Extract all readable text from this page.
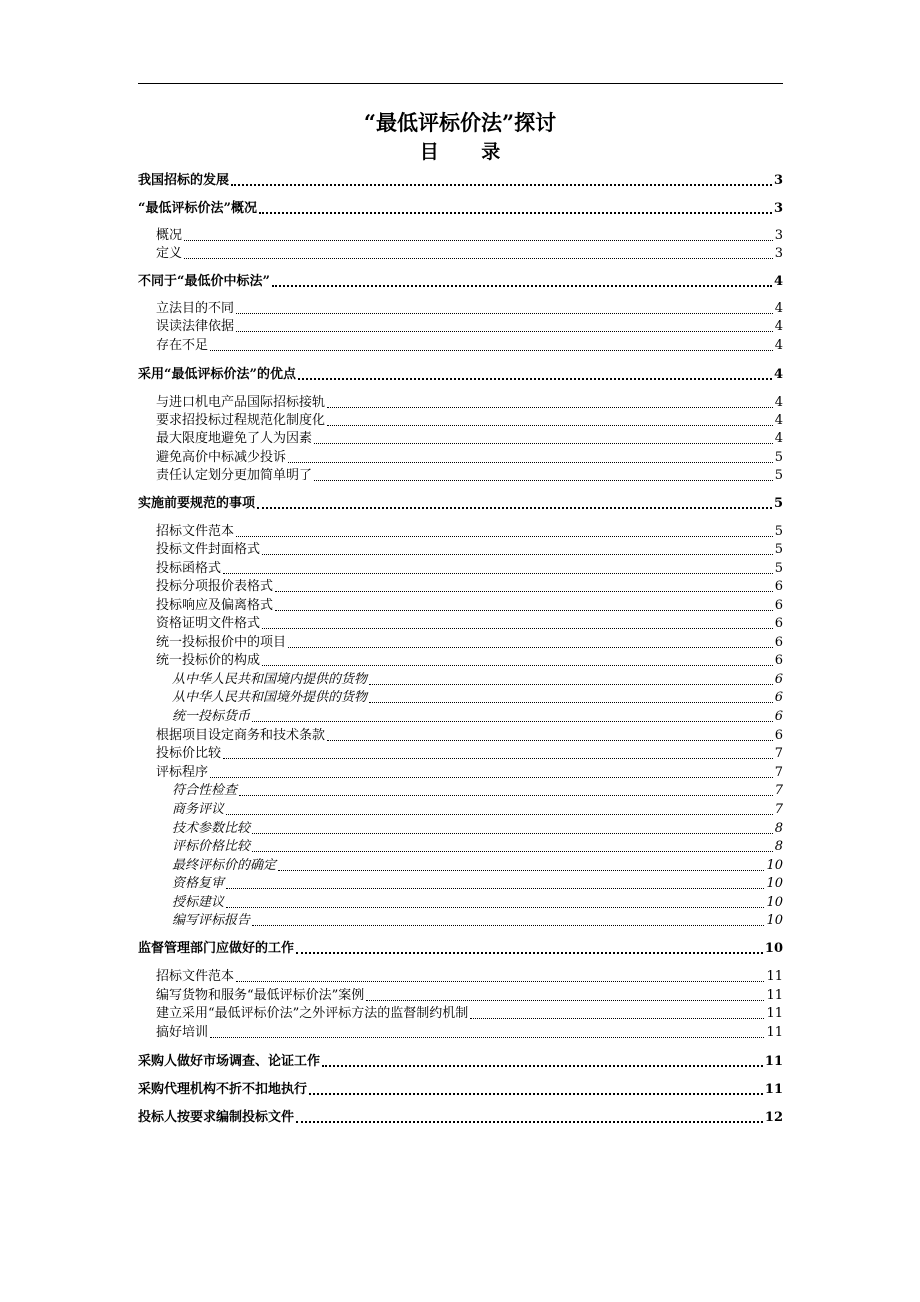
“最低评标价法”探讨
目 录
我国招标的发展	3
“最低评标价法”概况	3
概况	3
定义	3
不同于“最低价中标法”	4
立法目的不同	4
误读法律依据	4
存在不足	4
采用“最低评标价法”的优点	4
与进口机电产品国际招标接轨	4
要求招投标过程规范化制度化	4
最大限度地避免了人为因素	4
避免高价中标减少投诉	5
责任认定划分更加简单明了	5
实施前要规范的事项	5
招标文件范本	5
投标文件封面格式	5
投标函格式	5
投标分项报价表格式	6
投标响应及偏离格式	6
资格证明文件格式	6
统一投标报价中的项目	6
统一投标价的构成	6
从中华人民共和国境内提供的货物	6
从中华人民共和国境外提供的货物	6
统一投标货币	6
根据项目设定商务和技术条款	6
投标价比较	7
评标程序	7
符合性检查	7
商务评议	7
技术参数比较	8
评标价格比较	8
最终评标价的确定	10
资格复审	10
授标建议	10
编写评标报告	10
监督管理部门应做好的工作	10
招标文件范本	11
编写货物和服务“最低评标价法”案例	11
建立采用“最低评标价法”之外评标方法的监督制约机制	11
搞好培训	11
采购人做好市场调查、论证工作	11
采购代理机构不折不扣地执行	11
投标人按要求编制投标文件	12
